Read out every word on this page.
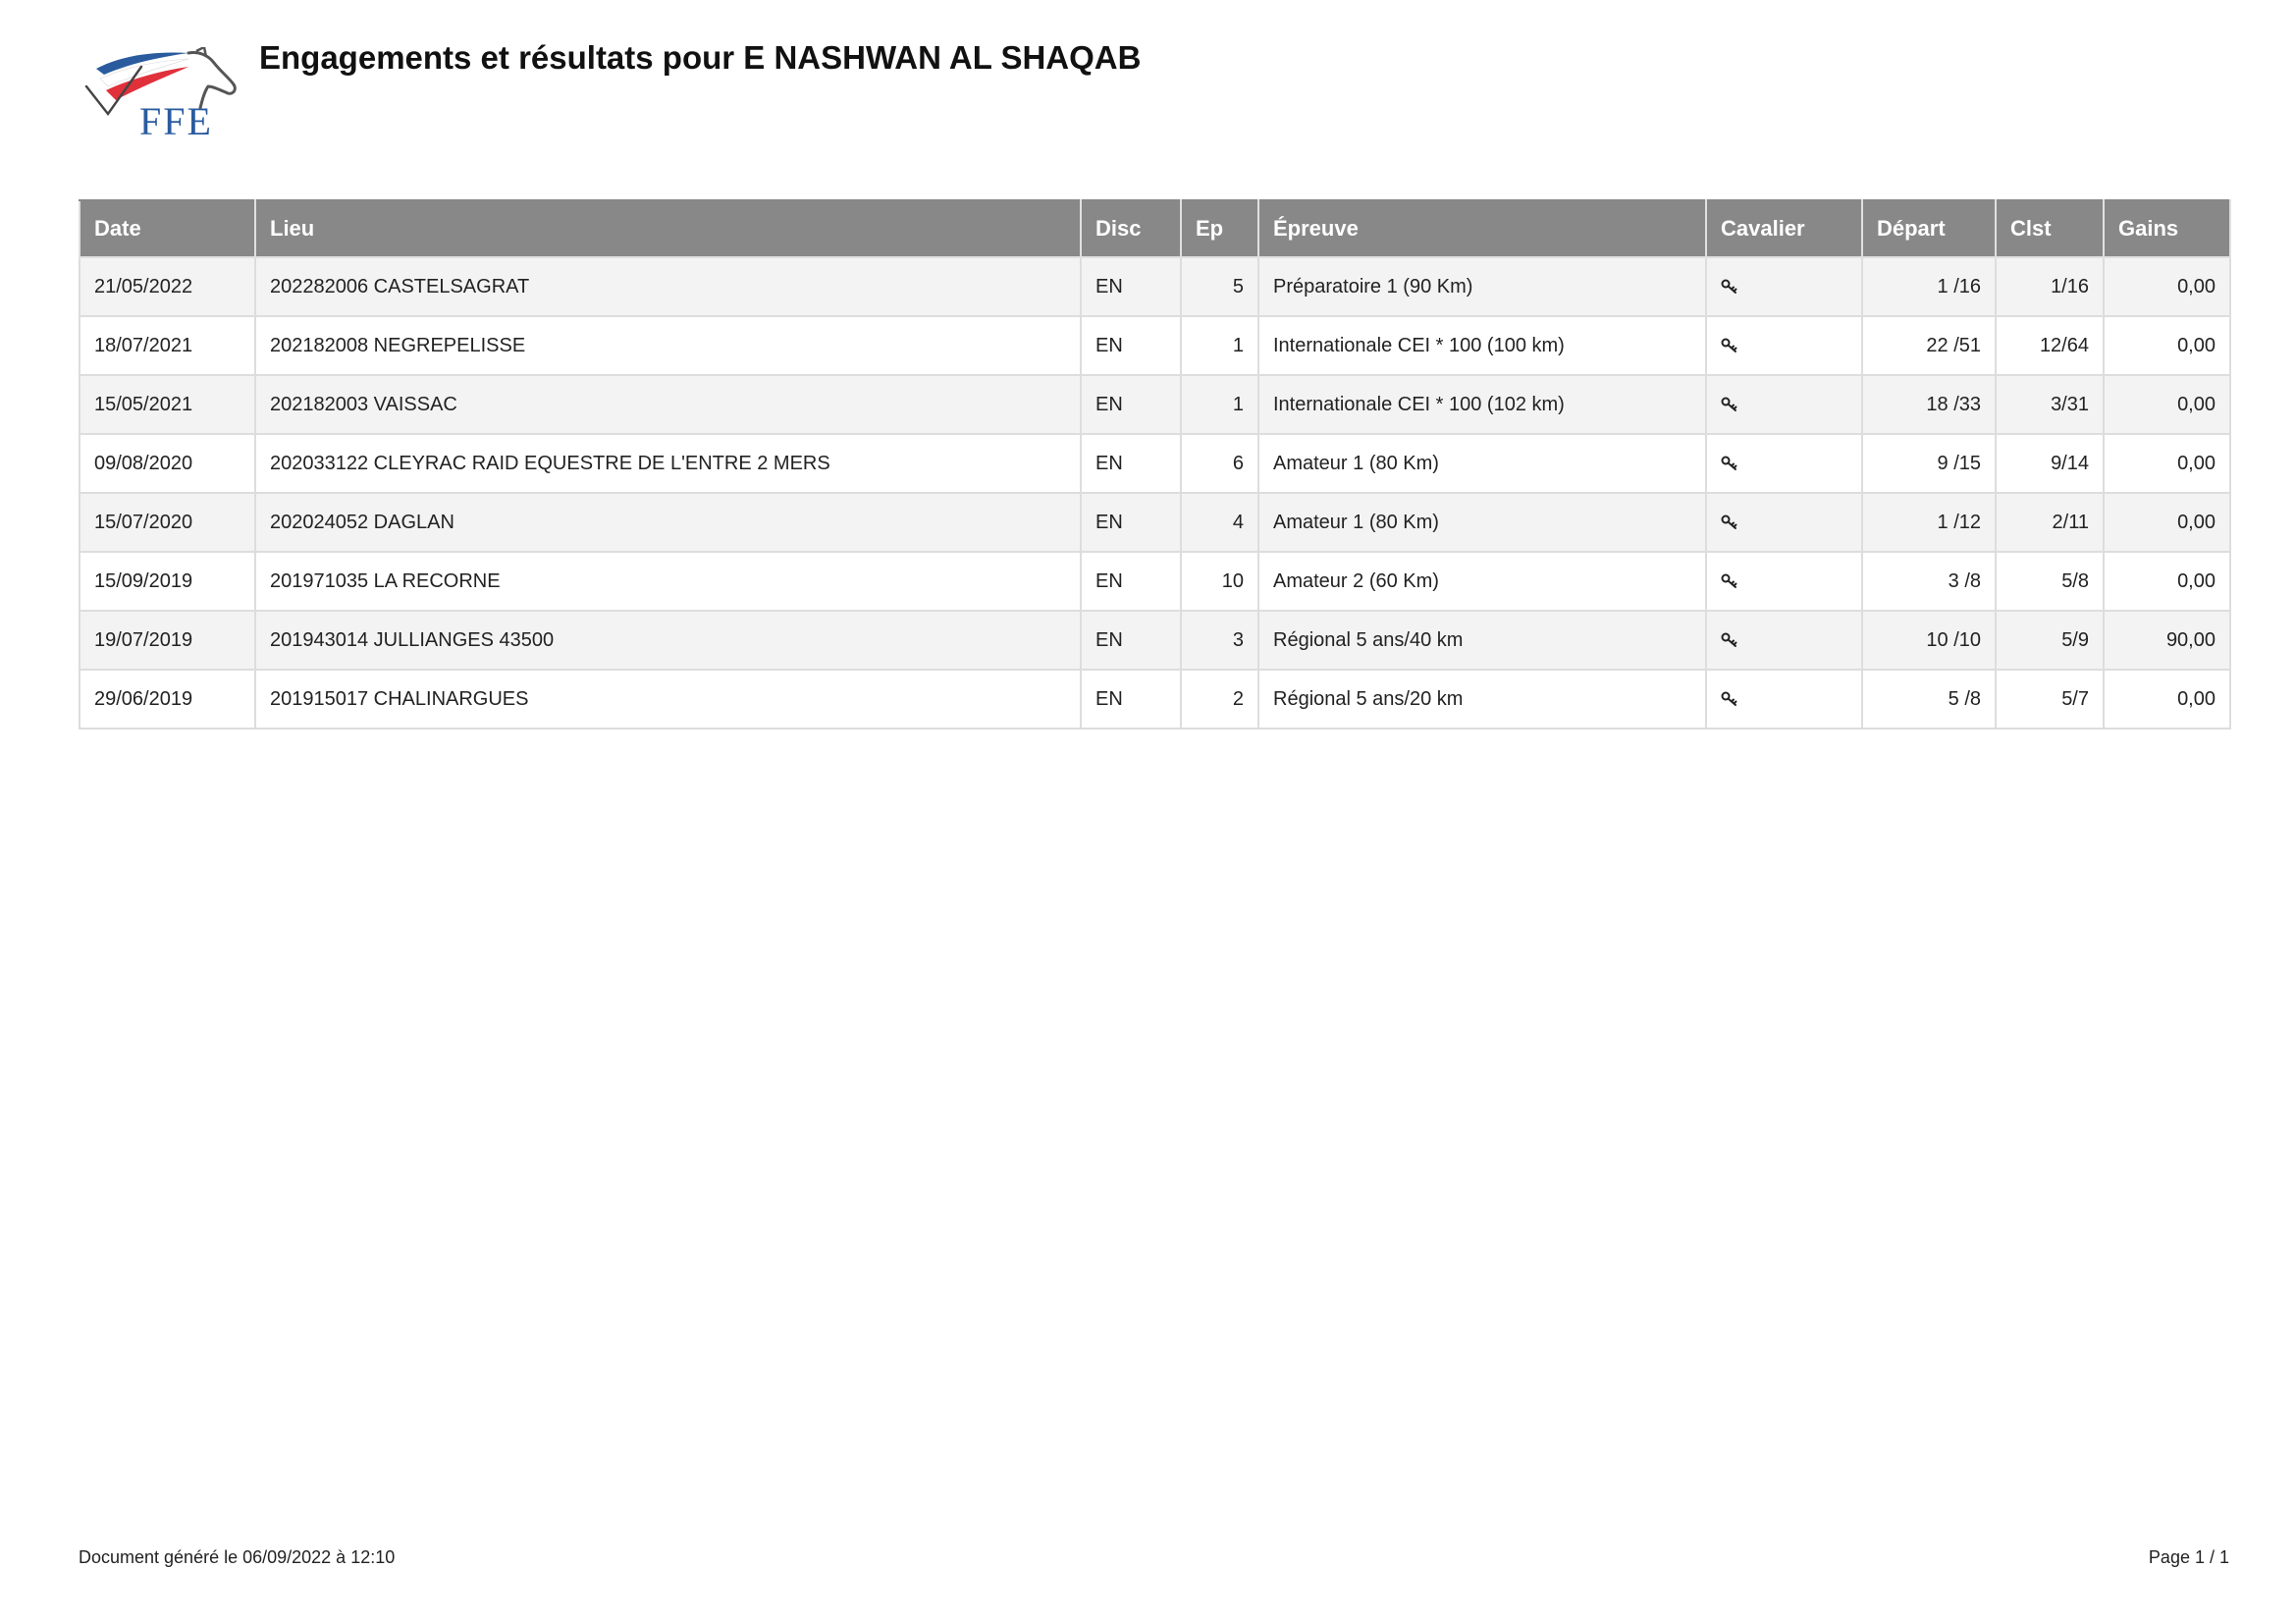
FFE
Engagements et résultats pour E NASHWAN AL SHAQAB
Date	Lieu	Disc	Ep	Épreuve	Cavalier	Départ	Clst	Gains
21/05/2022	202282006 CASTELSAGRAT	EN	5	Préparatoire 1 (90 Km)		1 /16	1/16	0,00
18/07/2021	202182008 NEGREPELISSE	EN	1	Internationale CEI * 100 (100 km)		22 /51	12/64	0,00
15/05/2021	202182003 VAISSAC	EN	1	Internationale CEI * 100 (102 km)		18 /33	3/31	0,00
09/08/2020	202033122 CLEYRAC RAID EQUESTRE DE L'ENTRE 2 MERS	EN	6	Amateur 1 (80 Km)		9 /15	9/14	0,00
15/07/2020	202024052 DAGLAN	EN	4	Amateur 1 (80 Km)		1 /12	2/11	0,00
15/09/2019	201971035 LA RECORNE	EN	10	Amateur 2 (60 Km)		3 /8	5/8	0,00
19/07/2019	201943014 JULLIANGES 43500	EN	3	Régional 5 ans/40 km		10 /10	5/9	90,00
29/06/2019	201915017 CHALINARGUES	EN	2	Régional 5 ans/20 km		5 /8	5/7	0,00
Document généré le 06/09/2022 à 12:10	Page 1 / 1
